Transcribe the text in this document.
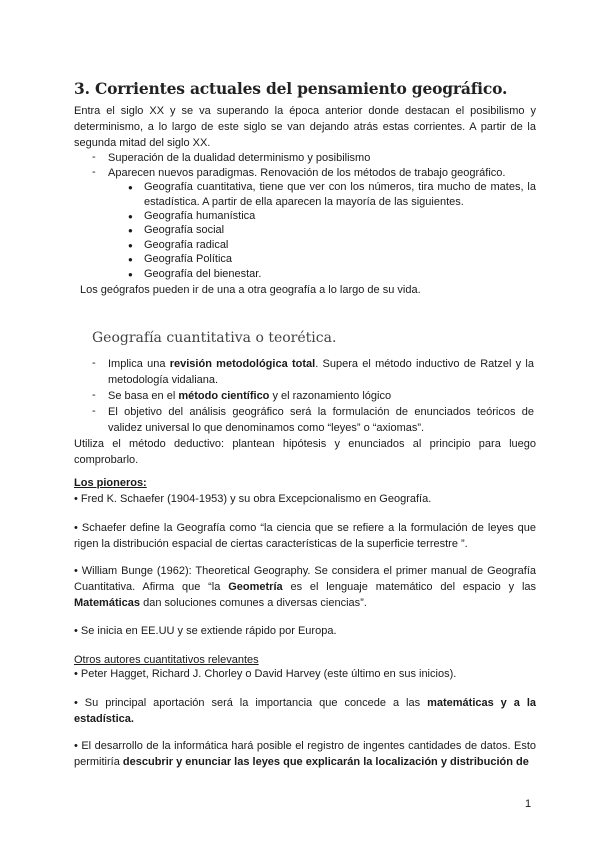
3. Corrientes actuales del pensamiento geográfico.

Entra el siglo XX y se va superando la época anterior donde destacan el posibilismo y determinismo, a lo largo de este siglo se van dejando atrás estas corrientes. A partir de la segunda mitad del siglo XX.

- Superación de la dualidad determinismo y posibilismo
- Aparecen nuevos paradigmas. Renovación de los métodos de trabajo geográfico.
● Geografía cuantitativa, tiene que ver con los números, tira mucho de mates, la estadística. A partir de ella aparecen la mayoría de las siguientes.

● Geografía humanística
● Geografía social
● Geografía radical
● Geografía Política
● Geografía del bienestar.
Los geógrafos pueden ir de una a otra geografía a lo largo de su vida.
Geografía cuantitativa o teorética.
- Implica una revisión metodológica total. Supera el método inductivo de Ratzel y la metodología vidaliana.

- Se basa en el método científico y el razonamiento lógico

- El objetivo del análisis geográfico será la formulación de enunciados teóricos de validez universal lo que denominamos como “leyes” o “axiomas”.

Utiliza el método deductivo: plantean hipótesis y enunciados al principio para luego comprobarlo.

Los pioneros:

• Fred K. Schaefer (1904-1953) y su obra Excepcionalismo en Geografía.

• Schaefer define la Geografía como “la ciencia que se refiere a la formulación de leyes que rigen la distribución espacial de ciertas características de la superficie terrestre ”.

• William Bunge (1962): Theoretical Geography. Se considera el primer manual de Geografía Cuantitativa. Afirma que “la Geometría es el lenguaje matemático del espacio y las Matemáticas dan soluciones comunes a diversas ciencias”.

• Se inicia en EE.UU y se extiende rápido por Europa.

Otros autores cuantitativos relevantes

• Peter Hagget, Richard J. Chorley o David Harvey (este último en sus inicios).

• Su principal aportación será la importancia que concede a las matemáticas y a la estadística.

• El desarrollo de la informática hará posible el registro de ingentes cantidades de datos. Esto permitiría descubrir y enunciar las leyes que explicarán la localización y distribución de

1
